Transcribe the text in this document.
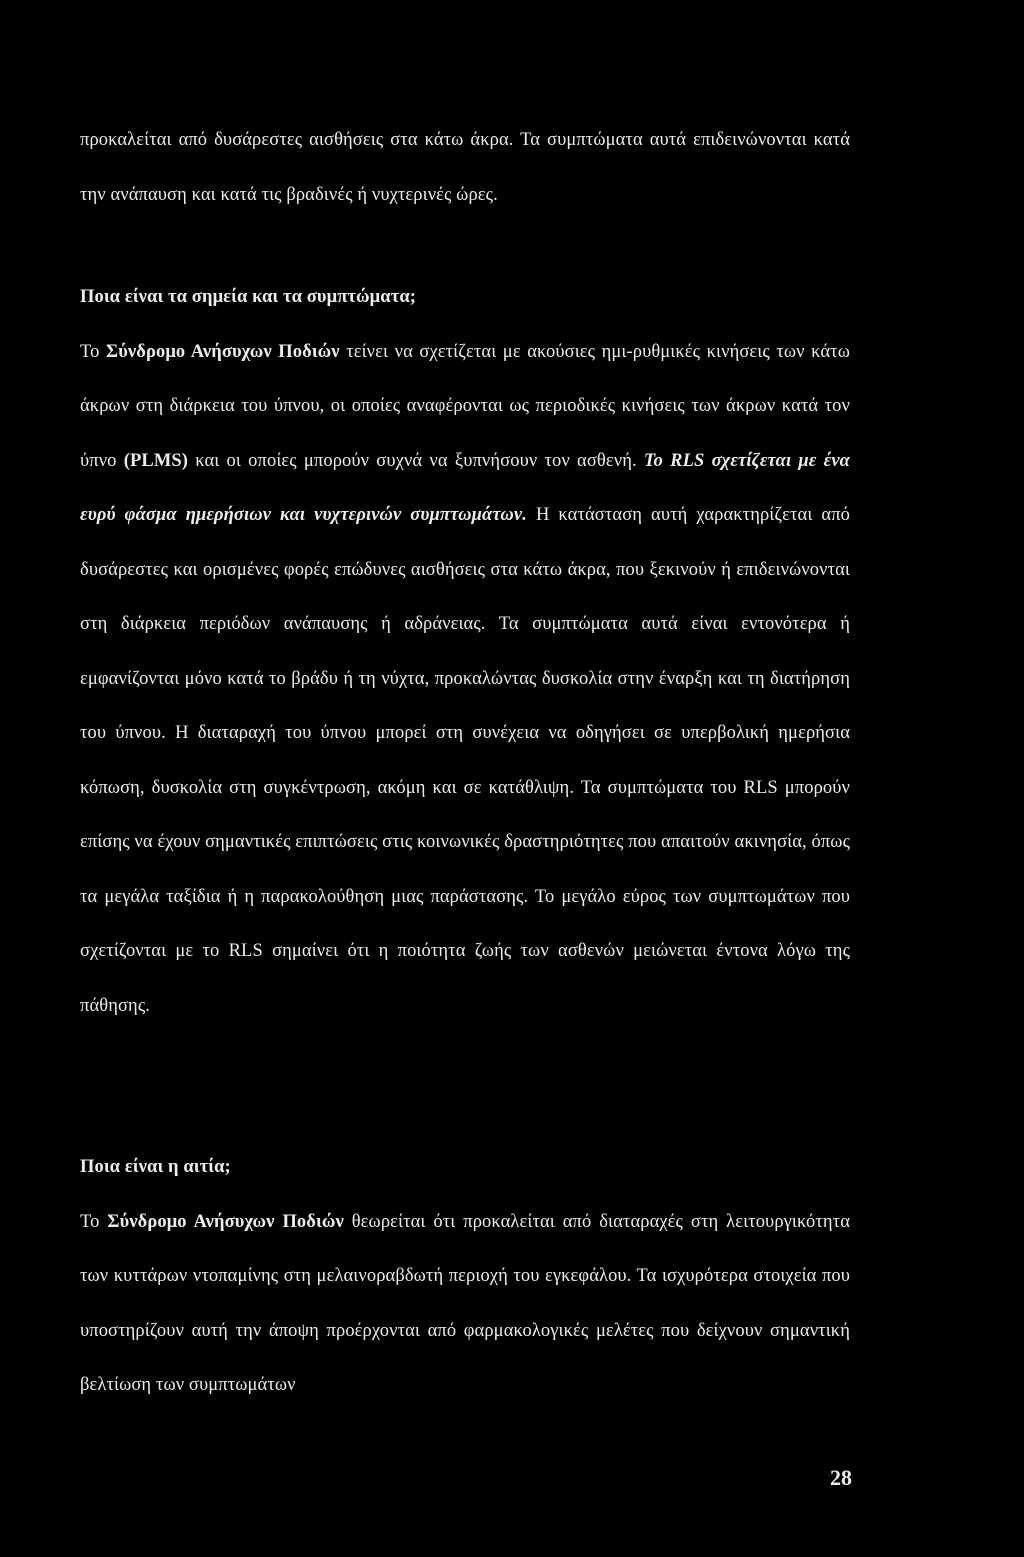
προκαλείται από δυσάρεστες αισθήσεις στα κάτω άκρα. Τα συμπτώματα αυτά επιδεινώνονται κατά την ανάπαυση και κατά τις βραδινές ή νυχτερινές ώρες.

Ποια είναι τα σημεία και τα συμπτώματα;

Το Σύνδρομο Ανήσυχων Ποδιών τείνει να σχετίζεται με ακούσιες ημι-ρυθμικές κινήσεις των κάτω άκρων στη διάρκεια του ύπνου, οι οποίες αναφέρονται ως περιοδικές κινήσεις των άκρων κατά τον ύπνο (PLMS) και οι οποίες μπορούν συχνά να ξυπνήσουν τον ασθενή. Το RLS σχετίζεται με ένα ευρύ φάσμα ημερήσιων και νυχτερινών συμπτωμάτων. Η κατάσταση αυτή χαρακτηρίζεται από δυσάρεστες και ορισμένες φορές επώδυνες αισθήσεις στα κάτω άκρα, που ξεκινούν ή επιδεινώνονται στη διάρκεια περιόδων ανάπαυσης ή αδράνειας. Τα συμπτώματα αυτά είναι εντονότερα ή εμφανίζονται μόνο κατά το βράδυ ή τη νύχτα, προκαλώντας δυσκολία στην έναρξη και τη διατήρηση του ύπνου. Η διαταραχή του ύπνου μπορεί στη συνέχεια να οδηγήσει σε υπερβολική ημερήσια κόπωση, δυσκολία στη συγκέντρωση, ακόμη και σε κατάθλιψη. Τα συμπτώματα του RLS μπορούν επίσης να έχουν σημαντικές επιπτώσεις στις κοινωνικές δραστηριότητες που απαιτούν ακινησία, όπως τα μεγάλα ταξίδια ή η παρακολούθηση μιας παράστασης. Το μεγάλο εύρος των συμπτωμάτων που σχετίζονται με το RLS σημαίνει ότι η ποιότητα ζωής των ασθενών μειώνεται έντονα λόγω της πάθησης.

Ποια είναι η αιτία;

Το Σύνδρομο Ανήσυχων Ποδιών θεωρείται ότι προκαλείται από διαταραχές στη λειτουργικότητα των κυττάρων ντοπαμίνης στη μελαινοραβδωτή περιοχή του εγκεφάλου. Τα ισχυρότερα στοιχεία που υποστηρίζουν αυτή την άποψη προέρχονται από φαρμακολογικές μελέτες που δείχνουν σημαντική βελτίωση των συμπτωμάτων

28
